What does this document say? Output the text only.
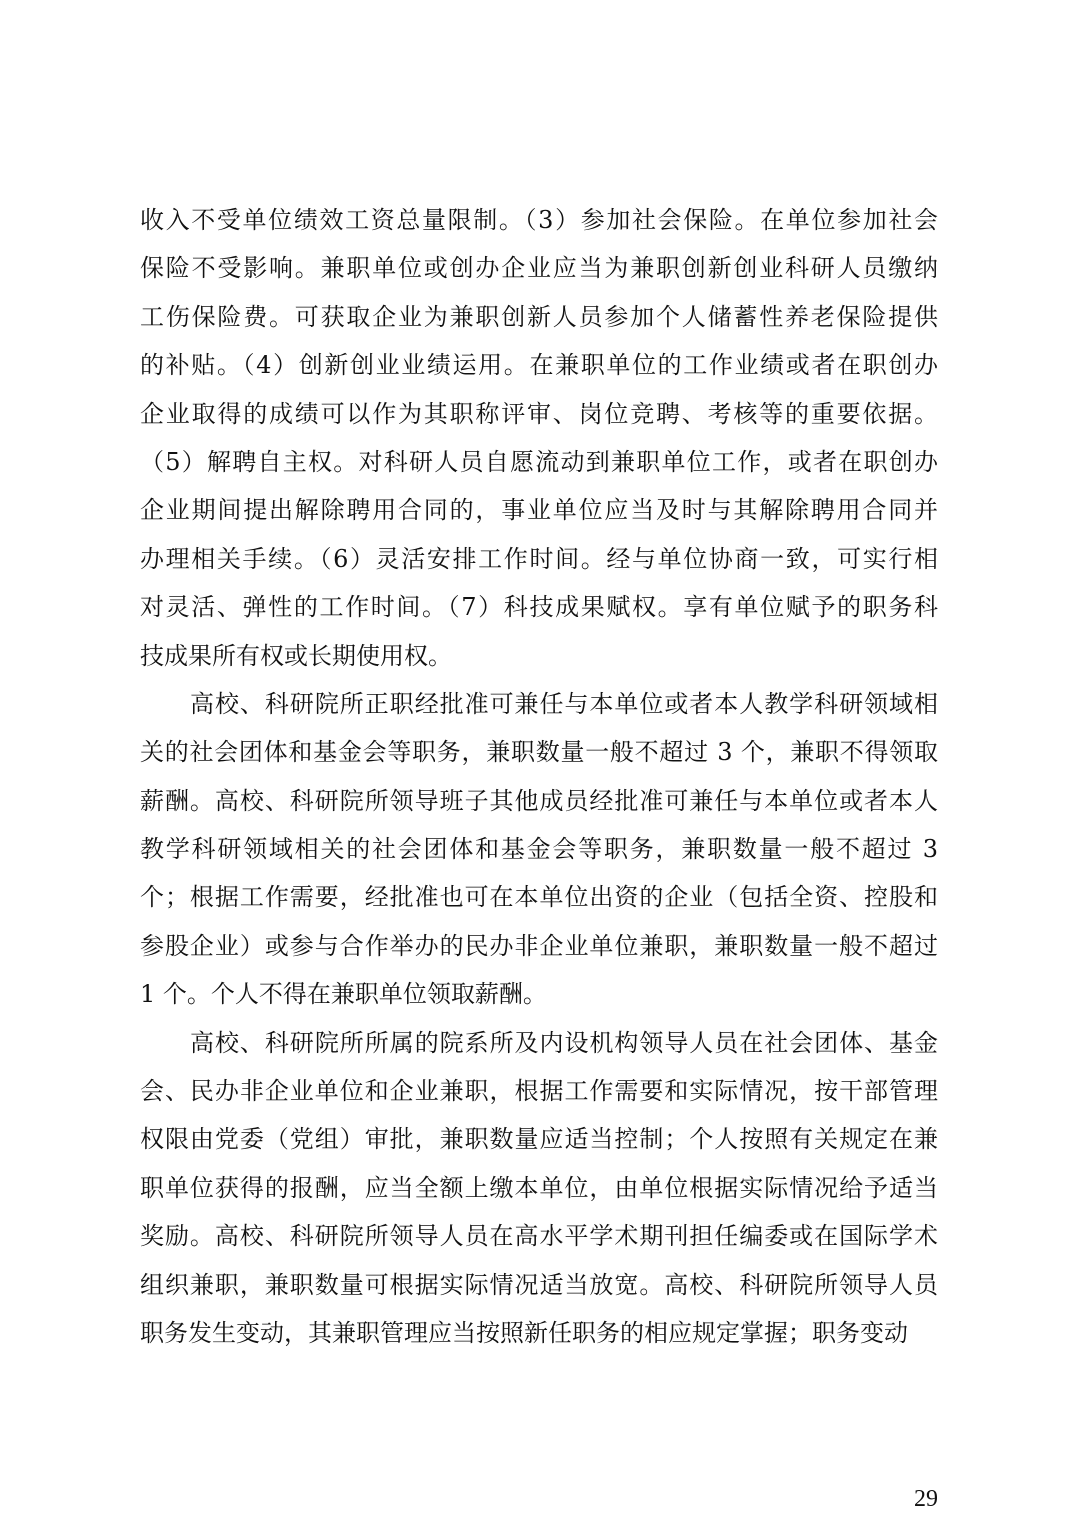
收入不受单位绩效工资总量限制。（3）参加社会保险。在单位参加社会
保险不受影响。兼职单位或创办企业应当为兼职创新创业科研人员缴纳
工伤保险费。可获取企业为兼职创新人员参加个人储蓄性养老保险提供
的补贴。（4）创新创业业绩运用。在兼职单位的工作业绩或者在职创办
企业取得的成绩可以作为其职称评审、岗位竞聘、考核等的重要依据。
（5）解聘自主权。对科研人员自愿流动到兼职单位工作，或者在职创办
企业期间提出解除聘用合同的，事业单位应当及时与其解除聘用合同并
办理相关手续。（6）灵活安排工作时间。经与单位协商一致，可实行相
对灵活、弹性的工作时间。（7）科技成果赋权。享有单位赋予的职务科
技成果所有权或长期使用权。
高校、科研院所正职经批准可兼任与本单位或者本人教学科研领域相
关的社会团体和基金会等职务，兼职数量一般不超过 3 个，兼职不得领取
薪酬。高校、科研院所领导班子其他成员经批准可兼任与本单位或者本人
教学科研领域相关的社会团体和基金会等职务，兼职数量一般不超过 3
个；根据工作需要，经批准也可在本单位出资的企业（包括全资、控股和
参股企业）或参与合作举办的民办非企业单位兼职，兼职数量一般不超过
1 个。个人不得在兼职单位领取薪酬。
高校、科研院所所属的院系所及内设机构领导人员在社会团体、基金
会、民办非企业单位和企业兼职，根据工作需要和实际情况，按干部管理
权限由党委（党组）审批，兼职数量应适当控制；个人按照有关规定在兼
职单位获得的报酬，应当全额上缴本单位，由单位根据实际情况给予适当
奖励。高校、科研院所领导人员在高水平学术期刊担任编委或在国际学术
组织兼职，兼职数量可根据实际情况适当放宽。高校、科研院所领导人员
职务发生变动，其兼职管理应当按照新任职务的相应规定掌握；职务变动
29
